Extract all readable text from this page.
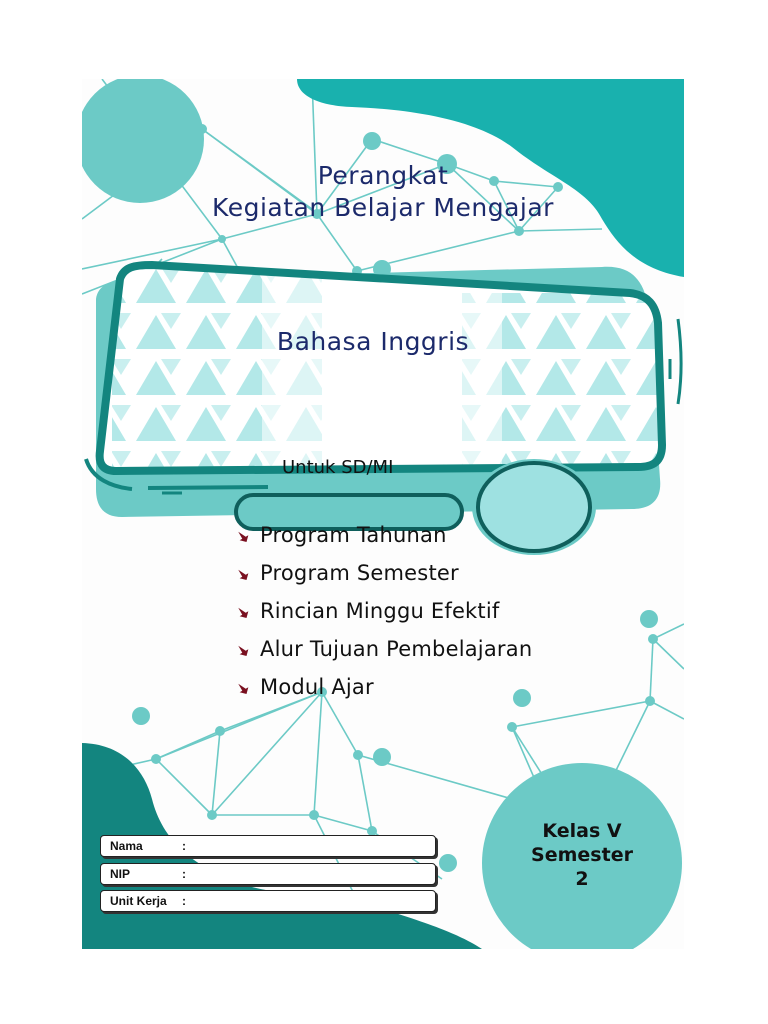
Perangkat

Kegiatan Belajar Mengajar

Bahasa Inggris

Untuk SD/MI

Program Tahunan
Program Semester
Rincian Minggu Efektif
Alur Tujuan Pembelajaran
Modul Ajar
Kelas V
Semester
2
Nama	:
NIP	:
Unit Kerja	:
